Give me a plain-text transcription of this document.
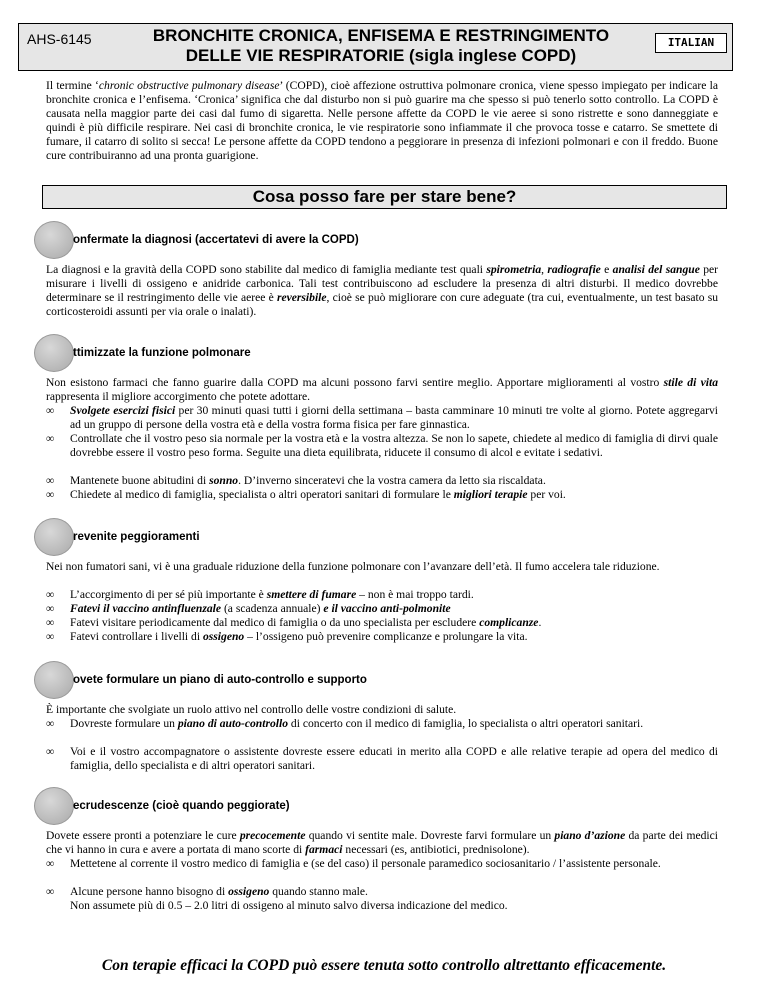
AHS-6145	BRONCHITE CRONICA, ENFISEMA E RESTRINGIMENTO
DELLE VIE RESPIRATORIE (sigla inglese COPD)
ITALIAN
Il termine ‘chronic obstructive pulmonary disease’ (COPD), cioè affezione ostruttiva polmonare cronica, viene spesso impiegato per indicare la bronchite cronica e l’enfisema. ‘Cronica’ significa che dal disturbo non si può guarire ma che spesso si può tenerlo sotto controllo. La COPD è causata nella maggior parte dei casi dal fumo di sigaretta. Nelle persone affette da COPD le vie aeree si sono ristrette e sono danneggiate e quindi è più difficile respirare. Nei casi di bronchite cronica, le vie respiratorie sono infiammate il che provoca tosse e catarro. Se smettete di fumare, il catarro di solito si secca! Le persone affette da COPD tendono a peggiorare in presenza di infezioni polmonari e con il freddo. Buone cure contribuiranno ad una pronta guarigione.
Cosa posso fare per stare bene?
onfermate la diagnosi (accertatevi di avere la COPD)
La diagnosi e la gravità della COPD sono stabilite dal medico di famiglia mediante test quali spirometria, radiografie e analisi del sangue per misurare i livelli di ossigeno e anidride carbonica. Tali test contribuiscono ad escludere la presenza di altri disturbi. Il medico dovrebbe determinare se il restringimento delle vie aeree è reversibile, cioè se può migliorare con cure adeguate (tra cui, eventualmente, un test basato su corticosteroidi assunti per via orale o inalati).
ttimizzate la funzione polmonare
Non esistono farmaci che fanno guarire dalla COPD ma alcuni possono farvi sentire meglio. Apportare miglioramenti al vostro stile di vita rappresenta il migliore accorgimento che potete adottare.
∞ Svolgete esercizi fisici per 30 minuti quasi tutti i giorni della settimana – basta camminare 10 minuti tre volte al giorno. Potete aggregarvi ad un gruppo di persone della vostra età e della vostra forma fisica per fare ginnastica.
∞ Controllate che il vostro peso sia normale per la vostra età e la vostra altezza. Se non lo sapete, chiedete al medico di famiglia di dirvi quale dovrebbe essere il vostro peso forma. Seguite una dieta equilibrata, riducete il consumo di alcol e evitate i sedativi.
∞ Mantenete buone abitudini di sonno. D’inverno sinceratevi che la vostra camera da letto sia riscaldata.
∞ Chiedete al medico di famiglia, specialista o altri operatori sanitari di formulare le migliori terapie per voi.
revenite peggioramenti
Nei non fumatori sani, vi è una graduale riduzione della funzione polmonare con l’avanzare dell’età. Il fumo accelera tale riduzione.
∞ L’accorgimento di per sé più importante è smettere di fumare – non è mai troppo tardi.
∞ Fatevi il vaccino antinfluenzale (a scadenza annuale) e il vaccino anti-polmonite
∞ Fatevi visitare periodicamente dal medico di famiglia o da uno specialista per escludere complicanze.
∞ Fatevi controllare i livelli di ossigeno – l’ossigeno può prevenire complicanze e prolungare la vita.
ovete formulare un piano di auto-controllo e supporto
È importante che svolgiate un ruolo attivo nel controllo delle vostre condizioni di salute.
∞ Dovreste formulare un piano di auto-controllo di concerto con il medico di famiglia, lo specialista o altri operatori sanitari.
∞ Voi e il vostro accompagnatore o assistente dovreste essere educati in merito alla COPD e alle relative terapie ad opera del medico di famiglia, dello specialista e di altri operatori sanitari.
ecrudescenze (cioè quando peggiorate)
Dovete essere pronti a potenziare le cure precocemente quando vi sentite male. Dovreste farvi formulare un piano d’azione da parte dei medici che vi hanno in cura e avere a portata di mano scorte di farmaci necessari (es, antibiotici, prednisolone).
∞ Mettetene al corrente il vostro medico di famiglia e (se del caso) il personale paramedico sociosanitario / l’assistente personale.
∞ Alcune persone hanno bisogno di ossigeno quando stanno male.
Non assumete più di 0.5 – 2.0 litri di ossigeno al minuto salvo diversa indicazione del medico.
Con terapie efficaci la COPD può essere tenuta sotto controllo altrettanto efficacemente.
